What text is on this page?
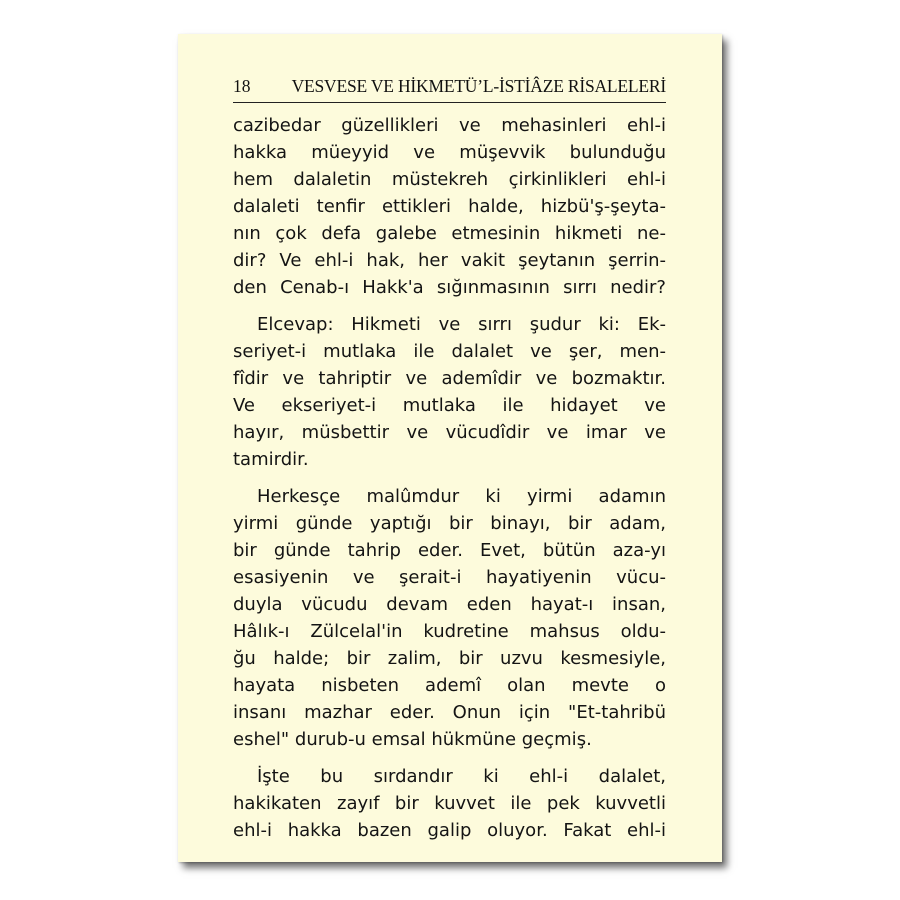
18 VESVESE VE HİKMETÜ’L-İSTİÂZE RİSALELERİ
cazibedar güzellikleri ve mehasinleri ehl-i
hakka müeyyid ve müşevvik bulunduğu
hem dalaletin müstekreh çirkinlikleri ehl-i
dalaleti tenfir ettikleri halde, hizbü'ş-şeyta-
nın çok defa galebe etmesinin hikmeti ne-
dir? Ve ehl-i hak, her vakit şeytanın şerrin-
den Cenab-ı Hakk'a sığınmasının sırrı nedir?
Elcevap: Hikmeti ve sırrı şudur ki: Ek-
seriyet-i mutlaka ile dalalet ve şer, men-
fîdir ve tahriptir ve ademîdir ve bozmaktır.
Ve ekseriyet-i mutlaka ile hidayet ve
hayır, müsbettir ve vücudîdir ve imar ve
tamirdir.
Herkesçe malûmdur ki yirmi adamın
yirmi günde yaptığı bir binayı, bir adam,
bir günde tahrip eder. Evet, bütün aza-yı
esasiyenin ve şerait-i hayatiyenin vücu-
duyla vücudu devam eden hayat-ı insan,
Hâlık-ı Zülcelal'in kudretine mahsus oldu-
ğu halde; bir zalim, bir uzvu kesmesiyle,
hayata nisbeten ademî olan mevte o
insanı mazhar eder. Onun için "Et-tahribü
eshel" durub-u emsal hükmüne geçmiş.
İşte bu sırdandır ki ehl-i dalalet,
hakikaten zayıf bir kuvvet ile pek kuvvetli
ehl-i hakka bazen galip oluyor. Fakat ehl-i
